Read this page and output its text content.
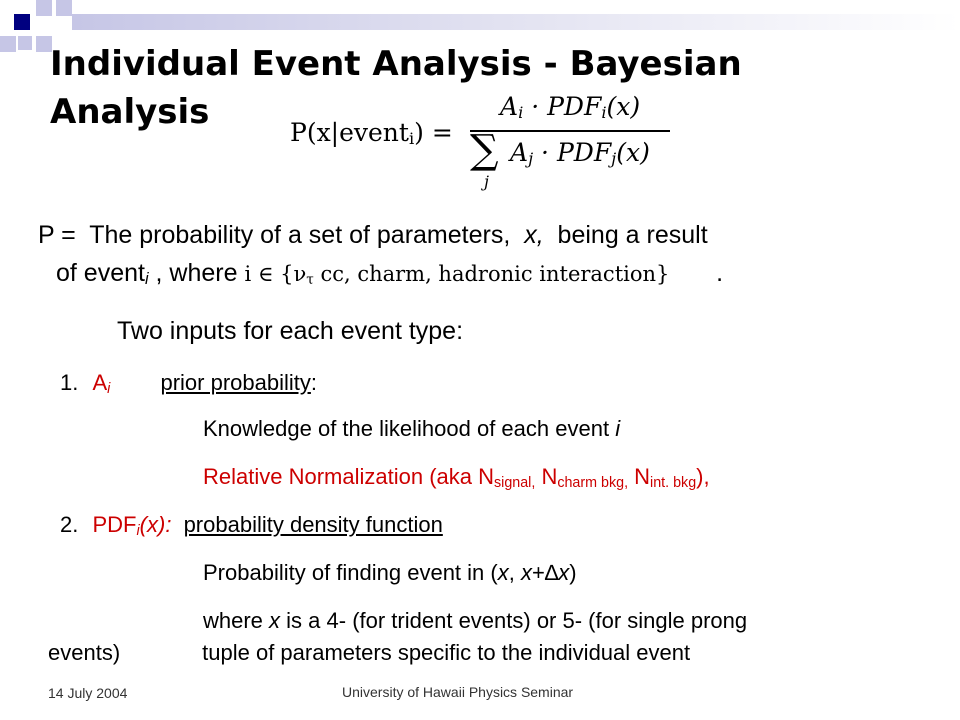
Individual Event Analysis - Bayesian
Analysis
P(x|event$_i$) =
$A_i \cdot PDF_i(x)$
∑
j
$A_j \cdot PDF_j(x)$
P = The probability of a set of parameters, x, being a result
of event$_i$ , where i ∈ {$\nu_\tau$ cc, charm, hadronic interaction} .
Two inputs for each event type:
1. $A_i$ prior probability:
Knowledge of the likelihood of each event i
Relative Normalization (aka $N_{signal,}$ $N_{charm bkg,}$ $N_{int. bkg}$),
2. $PDF_i(x)$: probability density function
Probability of finding event in (x, x+∆x)
where x is a 4- (for trident events) or 5- (for single prong
events)	tuple of parameters specific to the individual event
14 July 2004	University of Hawaii Physics Seminar
